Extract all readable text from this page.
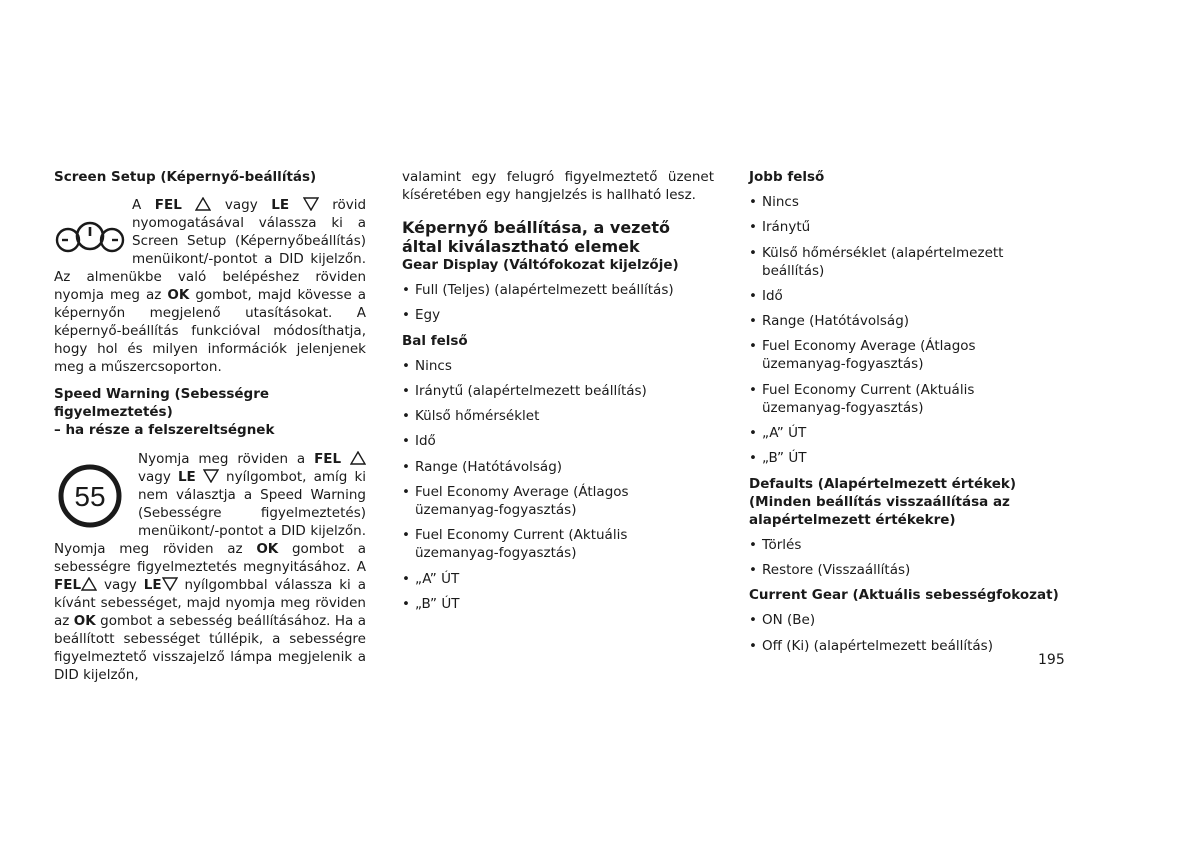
Screen Setup (Képernyő-beállítás)
A FEL	vagy LE	rövid nyomogatásával válassza ki a Screen Setup (Képernyőbeállítás) menüikont/-pontot a DID kijelzőn. Az almenükbe való belépéshez röviden nyomja meg az OK gombot, majd kövesse a képernyőn megjelenő utasításokat. A képernyő-beállítás funkcióval módosíthatja, hogy hol és milyen információk jelenjenek meg a műszercsoporton.
Speed Warning (Sebességre figyelmeztetés)
– ha része a felszereltségnek
55
Nyomja meg röviden a FEL  vagy LE nyílgombot, amíg ki nem választja a Speed Warning (Sebességre figyelmeztetés) menüikont/-pontot a DID kijelzőn. Nyomja meg röviden az OK gombot a sebességre figyelmeztetés megnyitásához. A FEL vagy LE nyílgombbal válassza ki a kívánt sebességet, majd nyomja meg röviden az OK gombot a sebesség beállításához. Ha a beállított sebességet túllépik, a sebességre figyelmeztető visszajelző lámpa megjelenik a DID kijelzőn,
valamint egy felugró figyelmeztető üzenet kíséretében egy hangjelzés is hallható lesz.
Képernyő beállítása, a vezető által kiválasztható elemek
Gear Display (Váltófokozat kijelzője)
• Full (Teljes) (alapértelmezett beállítás)
• Egy
Bal felső
• Nincs
• Iránytű (alapértelmezett beállítás)
• Külső hőmérséklet
• Idő
• Range (Hatótávolság)
• Fuel Economy Average (Átlagos üzemanyag-fogyasztás)
• Fuel Economy Current (Aktuális üzemanyag-fogyasztás)
• „A” ÚT
• „B” ÚT
Jobb felső
• Nincs
• Iránytű
• Külső hőmérséklet (alapértelmezett beállítás)
• Idő
• Range (Hatótávolság)
• Fuel Economy Average (Átlagos üzemanyag-fogyasztás)
• Fuel Economy Current (Aktuális üzemanyag-fogyasztás)
• „A” ÚT
• „B” ÚT
Defaults (Alapértelmezett értékek) (Minden beállítás visszaállítása az alapértelmezett értékekre)
• Törlés
• Restore (Visszaállítás)
Current Gear (Aktuális sebességfokozat)
• ON (Be)
• Off (Ki) (alapértelmezett beállítás)
195
